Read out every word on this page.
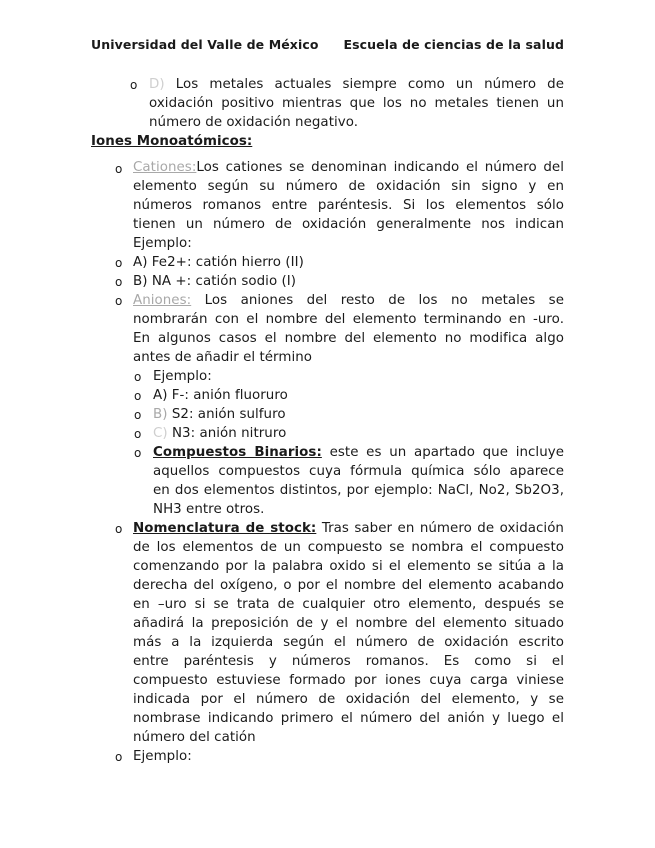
Universidad del Valle de México Escuela de ciencias de la salud
o D) Los metales actuales siempre como un número de
oxidación positivo mientras que los no metales tienen un
número de oxidación negativo.
Iones Monoatómicos:
o Cationes:Los cationes se denominan indicando el número del
elemento según su número de oxidación sin signo y en
números romanos entre paréntesis. Si los elementos sólo
tienen un número de oxidación generalmente nos indican
Ejemplo:
o A) Fe2+: catión hierro (II)
o B) NA +: catión sodio (I)
o Aniones: Los aniones del resto de los no metales se
nombrarán con el nombre del elemento terminando en -uro.
En algunos casos el nombre del elemento no modifica algo
antes de añadir el término
o Ejemplo:
o A) F-: anión fluoruro
o B) S2: anión sulfuro
o C) N3: anión nitruro
o Compuestos Binarios: este es un apartado que incluye
aquellos compuestos cuya fórmula química sólo aparece
en dos elementos distintos, por ejemplo: NaCl, No2, Sb2O3,
NH3 entre otros.
o Nomenclatura de stock: Tras saber en número de oxidación
de los elementos de un compuesto se nombra el compuesto
comenzando por la palabra oxido si el elemento se sitúa a la
derecha del oxígeno, o por el nombre del elemento acabando
en –uro si se trata de cualquier otro elemento, después se
añadirá la preposición de y el nombre del elemento situado
más a la izquierda según el número de oxidación escrito
entre paréntesis y números romanos. Es como si el
compuesto estuviese formado por iones cuya carga viniese
indicada por el número de oxidación del elemento, y se
nombrase indicando primero el número del anión y luego el
número del catión
o Ejemplo:
